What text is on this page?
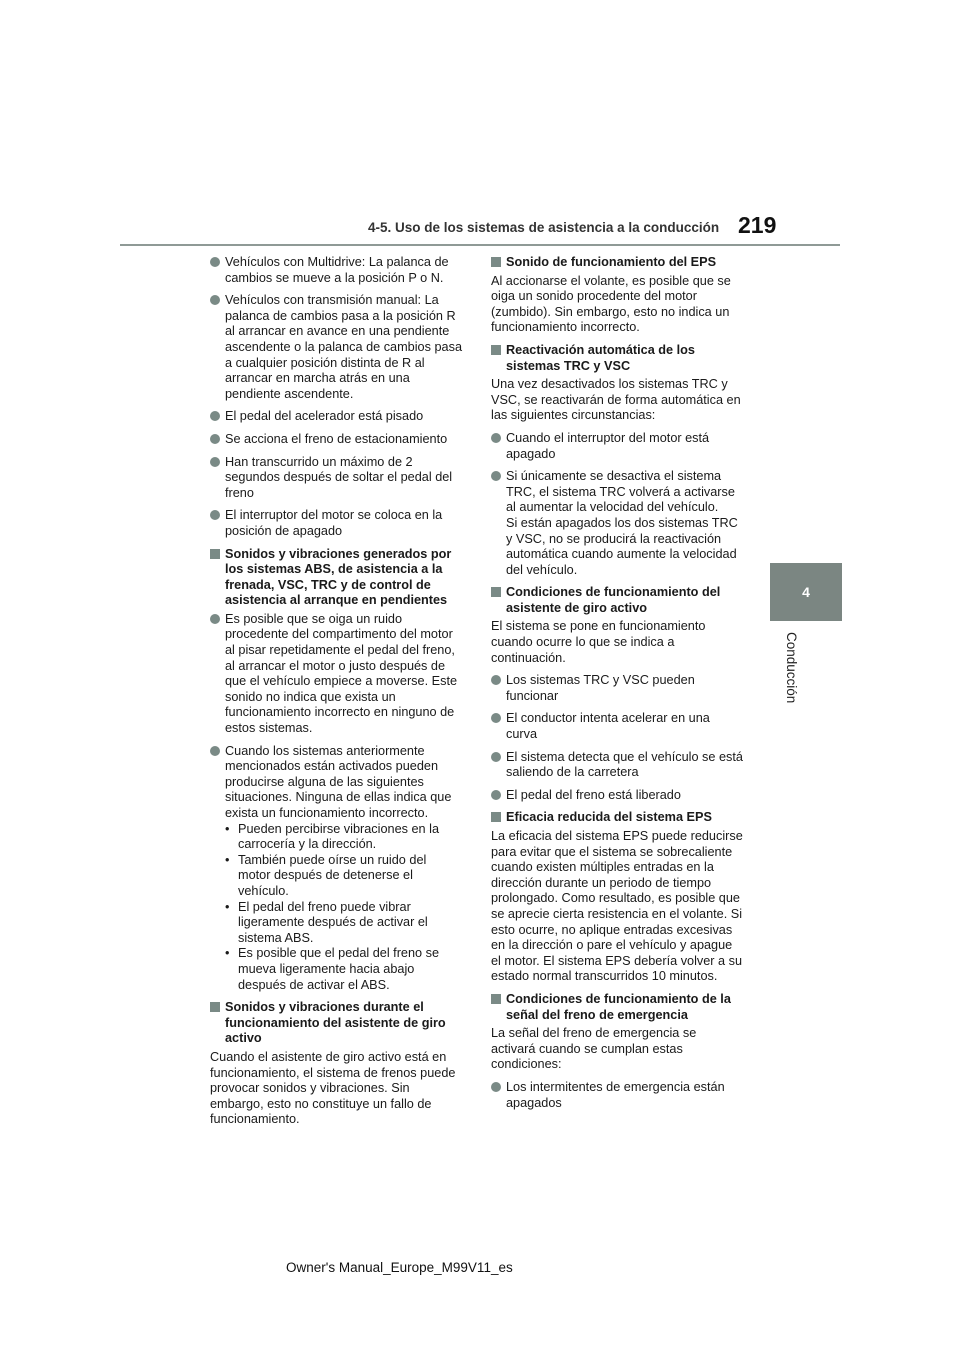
4-5. Uso de los sistemas de asistencia a la conducción 219
4
Conducción
Vehículos con Multidrive: La palanca de cambios se mueve a la posición P o N.
Vehículos con transmisión manual: La palanca de cambios pasa a la posición R al arrancar en avance en una pendiente ascendente o la palanca de cambios pasa a cualquier posición distinta de R al arrancar en marcha atrás en una pendiente ascendente.
El pedal del acelerador está pisado
Se acciona el freno de estacionamiento
Han transcurrido un máximo de 2 segundos después de soltar el pedal del freno
El interruptor del motor se coloca en la posición de apagado
Sonidos y vibraciones generados por los sistemas ABS, de asistencia a la frenada, VSC, TRC y de control de asistencia al arranque en pendientes
Es posible que se oiga un ruido procedente del compartimento del motor al pisar repetidamente el pedal del freno, al arrancar el motor o justo después de que el vehículo empiece a moverse. Este sonido no indica que exista un funcionamiento incorrecto en ninguno de estos sistemas.
Cuando los sistemas anteriormente mencionados están activados pueden producirse alguna de las siguientes situaciones. Ninguna de ellas indica que exista un funcionamiento incorrecto.
• Pueden percibirse vibraciones en la carrocería y la dirección.
• También puede oírse un ruido del motor después de detenerse el vehículo.
• El pedal del freno puede vibrar ligeramente después de activar el sistema ABS.
• Es posible que el pedal del freno se mueva ligeramente hacia abajo después de activar el ABS.
Sonidos y vibraciones durante el funcionamiento del asistente de giro activo
Cuando el asistente de giro activo está en funcionamiento, el sistema de frenos puede provocar sonidos y vibraciones. Sin embargo, esto no constituye un fallo de funcionamiento.
Sonido de funcionamiento del EPS
Al accionarse el volante, es posible que se oiga un sonido procedente del motor (zumbido). Sin embargo, esto no indica un funcionamiento incorrecto.
Reactivación automática de los sistemas TRC y VSC
Una vez desactivados los sistemas TRC y VSC, se reactivarán de forma automática en las siguientes circunstancias:
Cuando el interruptor del motor está apagado
Si únicamente se desactiva el sistema TRC, el sistema TRC volverá a activarse al aumentar la velocidad del vehículo.
Si están apagados los dos sistemas TRC y VSC, no se producirá la reactivación automática cuando aumente la velocidad del vehículo.
Condiciones de funcionamiento del asistente de giro activo
El sistema se pone en funcionamiento cuando ocurre lo que se indica a continuación.
Los sistemas TRC y VSC pueden funcionar
El conductor intenta acelerar en una curva
El sistema detecta que el vehículo se está saliendo de la carretera
El pedal del freno está liberado
Eficacia reducida del sistema EPS
La eficacia del sistema EPS puede reducirse para evitar que el sistema se sobrecaliente cuando existen múltiples entradas en la dirección durante un periodo de tiempo prolongado. Como resultado, es posible que se aprecie cierta resistencia en el volante. Si esto ocurre, no aplique entradas excesivas en la dirección o pare el vehículo y apague el motor. El sistema EPS debería volver a su estado normal transcurridos 10 minutos.
Condiciones de funcionamiento de la señal del freno de emergencia
La señal del freno de emergencia se activará cuando se cumplan estas condiciones:
Los intermitentes de emergencia están apagados
Owner's Manual_Europe_M99V11_es
